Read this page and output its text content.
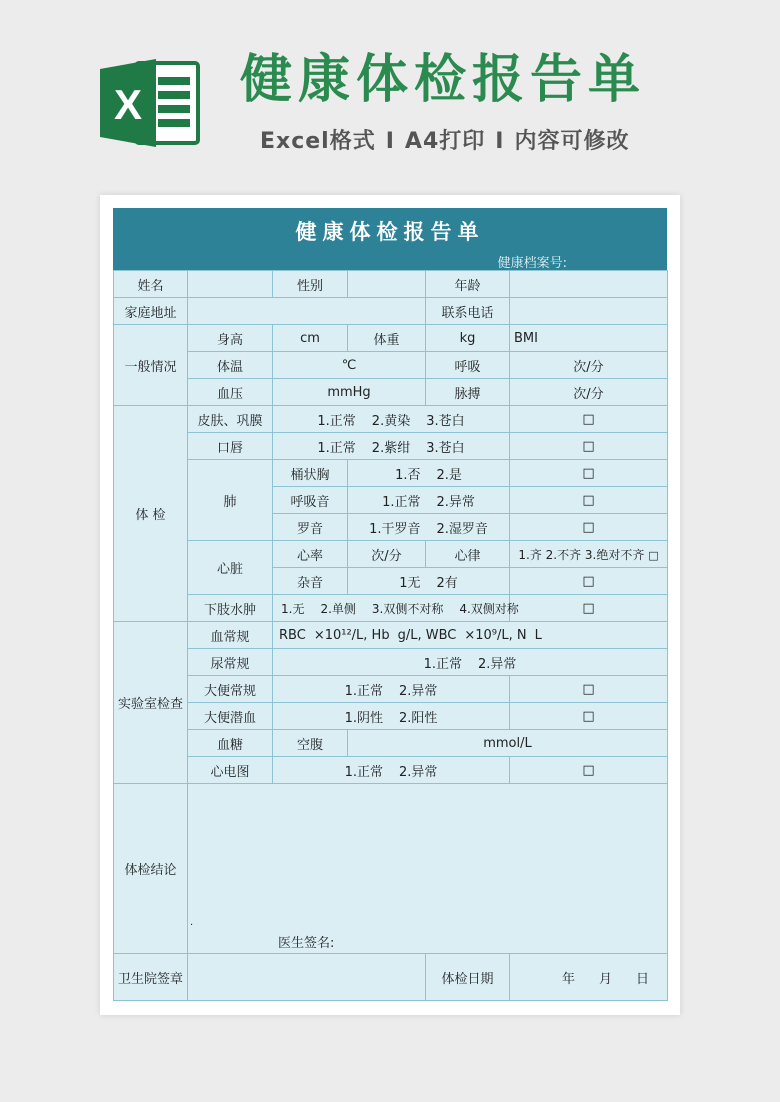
X 健康体检报告单
Excel格式 I A4打印 I 内容可修改
健康体检报告单
健康档案号:
姓名		性别		年龄	
家庭地址				联系电话	
一般情况	身高	cm	体重	kg	BMI
	体温	℃		呼吸	次/分
	血压	mmHg		脉搏	次/分
体 检	皮肤、巩膜	1.正常 2.黄染 3.苍白			□
	口唇	1.正常 2.紫绀 3.苍白			□
	肺	桶状胸	1.否 2.是		□
		呼吸音	1.正常 2.异常		□
		罗音	1.干罗音 2.湿罗音		□
	心脏	心率	次/分	心律	1.齐 2.不齐 3.绝对不齐 □
		杂音	1无 2有		□
	下肢水肿	1.无 2.单侧 3.双侧不对称 4.双侧对称			□
实验室检查	血常规	RBC ×10¹²/L, Hb g/L, WBC ×10⁹/L, N L			
	尿常规	1.正常 2.异常			
	大便常规	1.正常 2.异常			□
	大便潜血	1.阴性 2.阳性			□
	血糖	空腹	mmol/L		
	心电图	1.正常 2.异常			□
体检结论	·
医生签名:				

卫生院签章				体检日期	年 月 日
